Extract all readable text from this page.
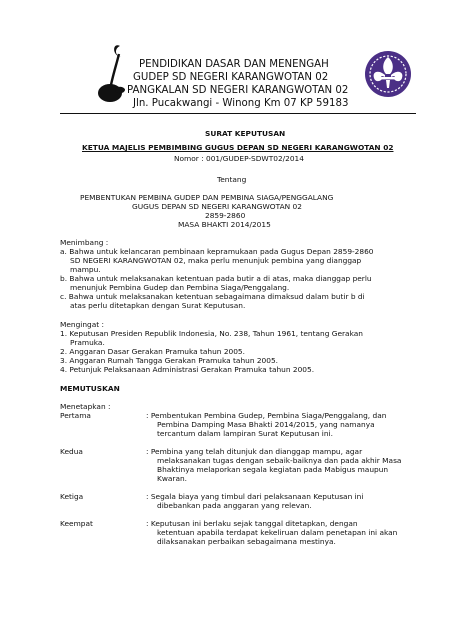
PENDIDIKAN DASAR DAN MENENGAH
GUDEP SD NEGERI KARANGWOTAN 02
PANGKALAN SD NEGERI KARANGWOTAN 02
Jln. Pucakwangi - Winong Km 07 KP 59183
SURAT KEPUTUSAN
KETUA MAJELIS PEMBIMBING GUGUS DEPAN SD NEGERI KARANGWOTAN 02
Nomor : 001/GUDEP-SDWT02/2014
Tentang
PEMBENTUKAN PEMBINA GUDEP DAN PEMBINA SIAGA/PENGGALANG
GUGUS DEPAN SD NEGERI KARANGWOTAN 02
2859-2860
MASA BHAKTI 2014/2015
Menimbang :
a. Bahwa untuk kelancaran pembinaan kepramukaan pada Gugus Depan 2859-2860
SD NEGERI KARANGWOTAN 02, maka perlu menunjuk pembina yang dianggap
mampu.
b. Bahwa untuk melaksanakan ketentuan pada butir a di atas, maka dianggap perlu
menunjuk Pembina Gudep dan Pembina Siaga/Penggalang.
c. Bahwa untuk melaksanakan ketentuan sebagaimana dimaksud dalam butir b di
atas perlu ditetapkan dengan Surat Keputusan.
Mengingat :
1. Keputusan Presiden Republik Indonesia, No. 238, Tahun 1961, tentang Gerakan
Pramuka.
2. Anggaran Dasar Gerakan Pramuka tahun 2005.
3. Anggaran Rumah Tangga Gerakan Pramuka tahun 2005.
4. Petunjuk Pelaksanaan Administrasi Gerakan Pramuka tahun 2005.
MEMUTUSKAN
Menetapkan :
Pertama	: Pembentukan Pembina Gudep, Pembina Siaga/Penggalang, dan
Pembina Damping Masa Bhakti 2014/2015, yang namanya
tercantum dalam lampiran Surat Keputusan ini.
Kedua	: Pembina yang telah ditunjuk dan dianggap mampu, agar
melaksanakan tugas dengan sebaik-baiknya dan pada akhir Masa
Bhaktinya melaporkan segala kegiatan pada Mabigus maupun
Kwaran.
Ketiga	: Segala biaya yang timbul dari pelaksanaan Keputusan ini
dibebankan pada anggaran yang relevan.
Keempat	: Keputusan ini berlaku sejak tanggal ditetapkan, dengan
ketentuan apabila terdapat kekeliruan dalam penetapan ini akan
dilaksanakan perbaikan sebagaimana mestinya.
